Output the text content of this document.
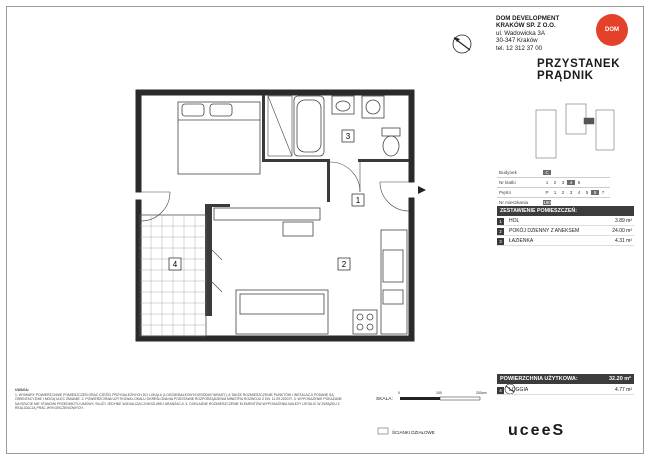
3
1
2
4
DOM DEVELOPMENT
KRAKÓW SP. Z O.O.
ul. Wadowicka 3A
30-347 Kraków
tel. 12 312 37 00
DOM
PRZYSTANEK
PRĄDNIK
Budynek	C
Nr klatki	1	2	3	4	5
Piętro	P	1	2	3	4	5	6	7
Nr mieszkania	160
ZESTAWIENIE POMIESZCZEŃ:
1	HOL	3.89 m²
2	POKÓJ DZIENNY Z ANEKSEM	24.00 m²
3	ŁAZIENKA	4.31 m²
POWIERZCHNIA UŻYTKOWA:	32.20 m²
4	LOGGIA	4.77 m²
UWAGA:
1. WYMIARY POWIERZCHNIE POMIESZCZEŃ ORAZ CZĘŚCI PRZYNALEŻNYCH DO LOKALU (LOGGIE/BALKONY/OGRÓDKI/TARASY), A TAKŻE ROZMIESZCZENIE PUNKTÓW I INSTALACJI PODANE SĄ ORIENTACYJNIE I MOGĄ ULEC ZMIANIE. 2. POWIERZCHNIA UŻYTKOWA LOKALU OKREŚLONA NA PODSTAWIE ROZPORZĄDZENIA MINISTRA ROZWOJU Z DN. 11.09.2020 R. 3. WYPOSAŻENIE POKAZANE NA RZUCIE NIE STANOWI PRZEDMIOTU UMOWY, SŁUŻY JEDYNIE WIZUALIZACJI MOŻLIWEJ ARANŻACJI. 4. DOKŁADNE ROZMIESZCZENIE ELEMENTÓW WYPOSAŻENIA NALEŻY USTALIĆ W ZWIĄZKU Z REALIZACJĄ PRAC WYKOŃCZENIOWYCH.
SKALA:
0	100	200cm
ŚCIANKI DZIAŁOWE	uceeS
